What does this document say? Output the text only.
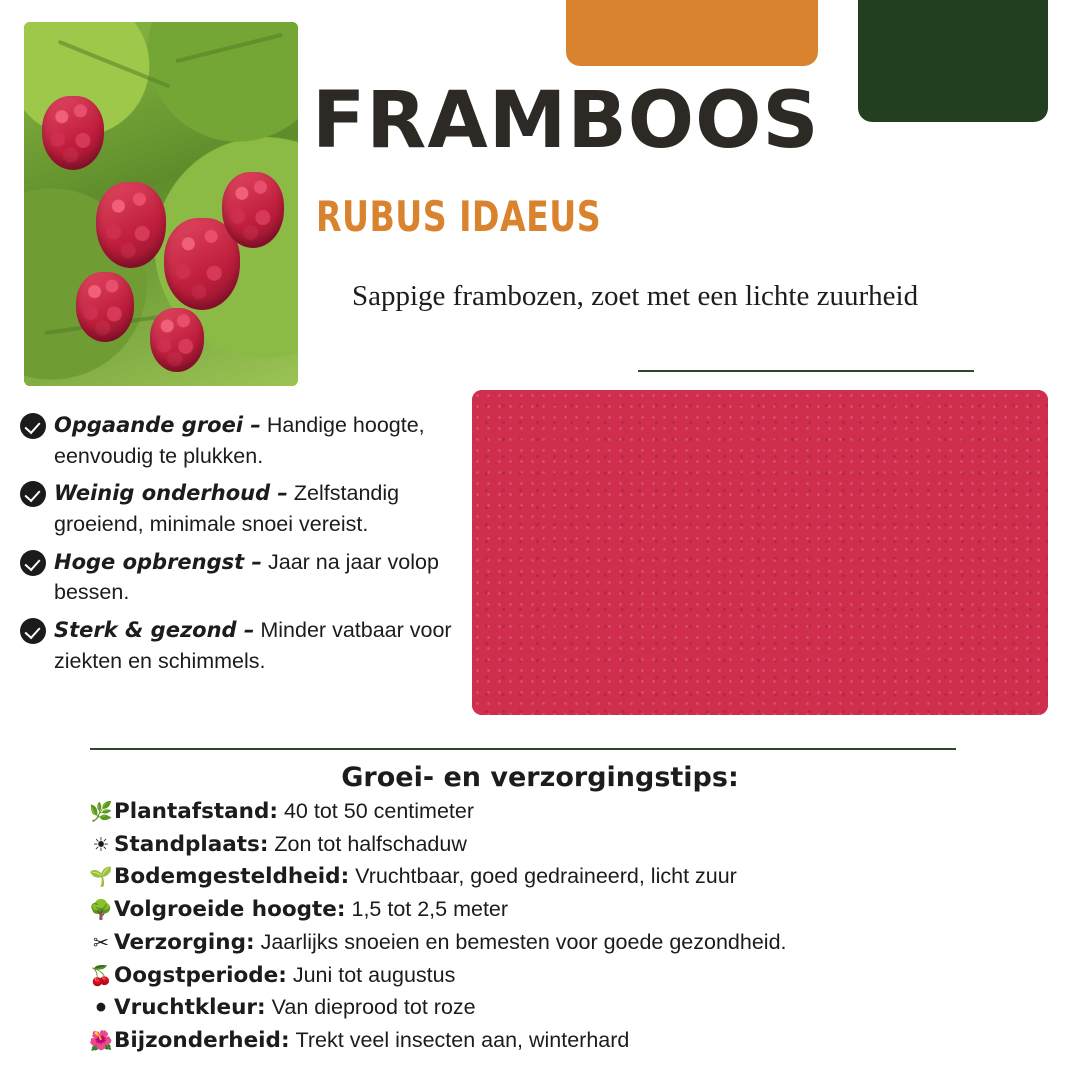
FRAMBOOS
RUBUS IDAEUS
Sappige frambozen, zoet met een lichte zuurheid
Opgaande groei – Handige hoogte, eenvoudig te plukken.
Weinig onderhoud – Zelfstandig groeiend, minimale snoei vereist.
Hoge opbrengst – Jaar na jaar volop bessen.
Sterk & gezond – Minder vatbaar voor ziekten en schimmels.
Groei- en verzorgingstips:
🌿 Plantafstand: 40 tot 50 centimeter
☀ Standplaats: Zon tot halfschaduw
🌱 Bodemgesteldheid: Vruchtbaar, goed gedraineerd, licht zuur
🌳 Volgroeide hoogte: 1,5 tot 2,5 meter
✂ Verzorging: Jaarlijks snoeien en bemesten voor goede gezondheid.
🍒 Oogstperiode: Juni tot augustus
⚫ Vruchtkleur: Van dieprood tot roze
🌺 Bijzonderheid: Trekt veel insecten aan, winterhard
